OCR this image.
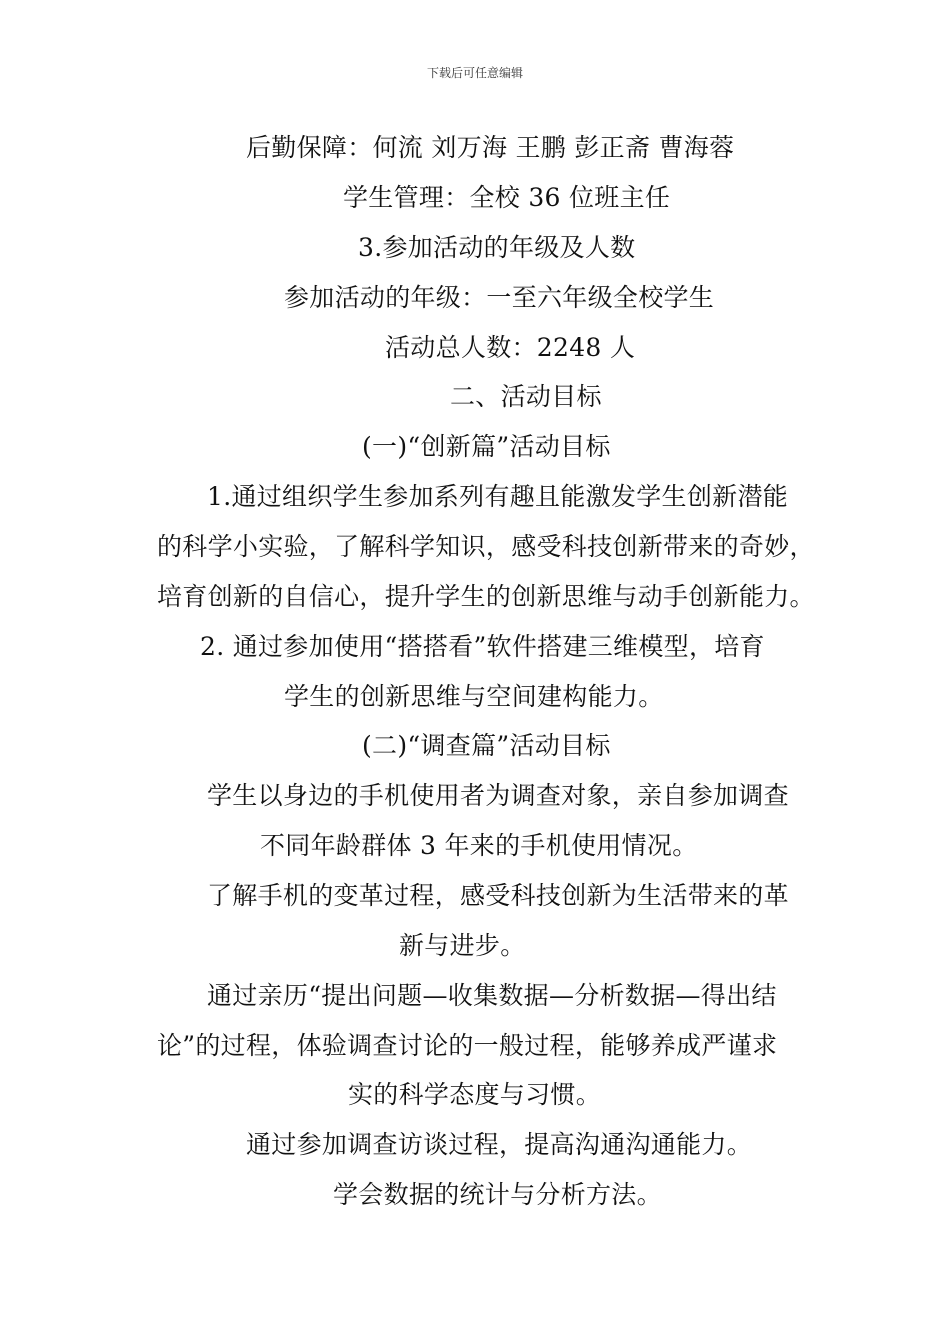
下载后可任意编辑
后勤保障：何流 刘万海 王鹏 彭正斋 曹海蓉
学生管理：全校 36 位班主任
3.参加活动的年级及人数
参加活动的年级：一至六年级全校学生
活动总人数：2248 人
二、活动目标
(一)“创新篇”活动目标
1.通过组织学生参加系列有趣且能激发学生创新潜能
的科学小实验，了解科学知识，感受科技创新带来的奇妙，
培育创新的自信心，提升学生的创新思维与动手创新能力。
2. 通过参加使用“搭搭看”软件搭建三维模型，培育
学生的创新思维与空间建构能力。
(二)“调查篇”活动目标
学生以身边的手机使用者为调查对象，亲自参加调查
不同年龄群体 3 年来的手机使用情况。
了解手机的变革过程，感受科技创新为生活带来的革
新与进步。
通过亲历“提出问题—收集数据—分析数据—得出结
论”的过程，体验调查讨论的一般过程，能够养成严谨求
实的科学态度与习惯。
通过参加调查访谈过程，提高沟通沟通能力。
学会数据的统计与分析方法。
